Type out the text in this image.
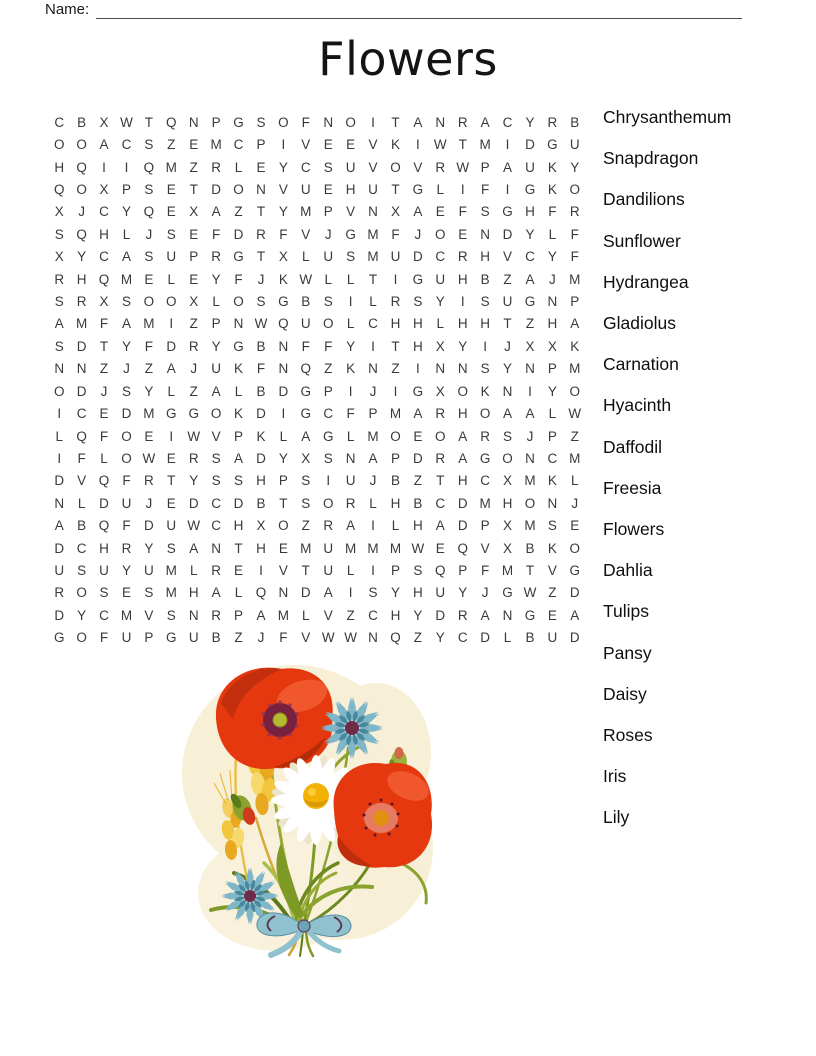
Name:
Flowers
C B X W T Q N P G S O F N O	I	T	A N R A C Y R B
O O A C S	Z	E M C P	I	V E E V K	I	W T M	I	D G U
H Q	I	I	Q M Z R	L	E Y C S U V O V R W P A U K Y
Q O X P S E	T D O N V U E H U T G L	I	F	I	G K O
X	J	C Y Q E X A	Z	T	Y M P V N X A E	F	S G H F R
S Q H	L	J	S E	F D R F	V	J	G M F	J	O E N D Y	L	F
X Y C A S U P R G T	X	L	U S M U D C R H V C Y	F
R H Q M E	L	E Y	F	J	K W L	L	T	I	G U H B	Z	A	J M
S R X S O O X	L O S G B S	I	L	R S Y	I	S U G N P
A M F	A M	I	Z	P N W Q U O L	C H H	L	H H T	Z H A
S D T	Y	F D R Y G B N F	F	Y	I	T H X Y	I	J	X X K
N N Z	J	Z	A	J	U K	F N Q Z	K N Z	I	N N S Y N P M
O D	J	S Y	L	Z	A	L	B D G P	I	J	I	G X O K N	I	Y O
I	C E D M G G O K D	I	G C F	P M A R H O A A	L W
L Q F O E	I	W V P K	L	A G L M O E O A R S	J	P	Z
I	F	L O W E R S A D Y X S N A P D R A G O N C M
D V Q F R T	Y S S H P S	I	U	J	B	Z	T H C X M K	L
N	L	D U	J	E D C D B	T	S O R	L	H B C D M H O N	J
A B Q F D U W C H X O Z R A	I	L	H A D P X M S E
D C H R Y S A N T H E M U M M M W E Q V X B K O
U S U Y U M L	R E	I	V	T U	L	I	P S Q P	F M T	V G
R O S E S M H A	L Q N D A	I	S Y H U Y	J	G W Z D
D Y C M V S N R P A M L	V	Z C H Y D R A N G E A
G O F U P G U B	Z	J	F	V W W N Q Z	Y C D	L	B U D
Chrysanthemum
Snapdragon
Dandilions
Sunflower
Hydrangea
Gladiolus
Carnation
Hyacinth
Daffodil
Freesia
Flowers
Dahlia
Tulips
Pansy
Daisy
Roses
Iris
Lily
